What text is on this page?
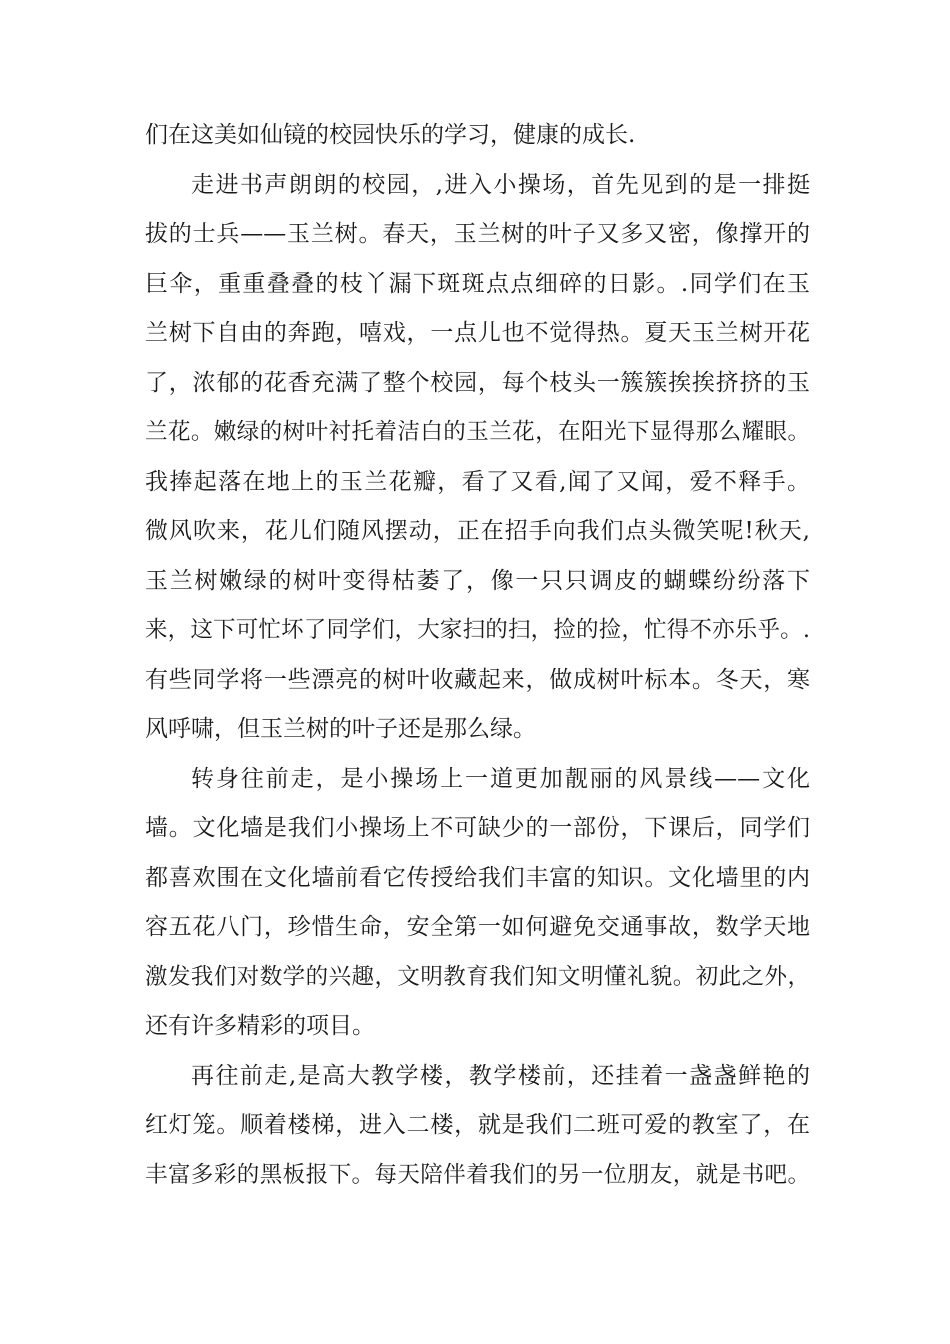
们在这美如仙镜的校园快乐的学习，健康的成长.
走进书声朗朗的校园，,进入小操场，首先见到的是一排挺
拔的士兵——玉兰树。春天，玉兰树的叶子又多又密，像撑开的
巨伞，重重叠叠的枝丫漏下斑斑点点细碎的日影。.同学们在玉
兰树下自由的奔跑，嘻戏，一点儿也不觉得热。夏天玉兰树开花
了，浓郁的花香充满了整个校园，每个枝头一簇簇挨挨挤挤的玉
兰花。嫩绿的树叶衬托着洁白的玉兰花，在阳光下显得那么耀眼。
我捧起落在地上的玉兰花瓣，看了又看,闻了又闻，爱不释手。
微风吹来，花儿们随风摆动，正在招手向我们点头微笑呢!秋天,
玉兰树嫩绿的树叶变得枯萎了，像一只只调皮的蝴蝶纷纷落下
来，这下可忙坏了同学们，大家扫的扫，捡的捡，忙得不亦乐乎。.
有些同学将一些漂亮的树叶收藏起来，做成树叶标本。冬天，寒
风呼啸，但玉兰树的叶子还是那么绿。
转身往前走，是小操场上一道更加靓丽的风景线——文化
墙。文化墙是我们小操场上不可缺少的一部份，下课后，同学们
都喜欢围在文化墙前看它传授给我们丰富的知识。文化墙里的内
容五花八门，珍惜生命，安全第一如何避免交通事故，数学天地
激发我们对数学的兴趣，文明教育我们知文明懂礼貌。初此之外，
还有许多精彩的项目。
再往前走,是高大教学楼，教学楼前，还挂着一盏盏鲜艳的
红灯笼。顺着楼梯，进入二楼，就是我们二班可爱的教室了，在
丰富多彩的黑板报下。每天陪伴着我们的另一位朋友，就是书吧。
